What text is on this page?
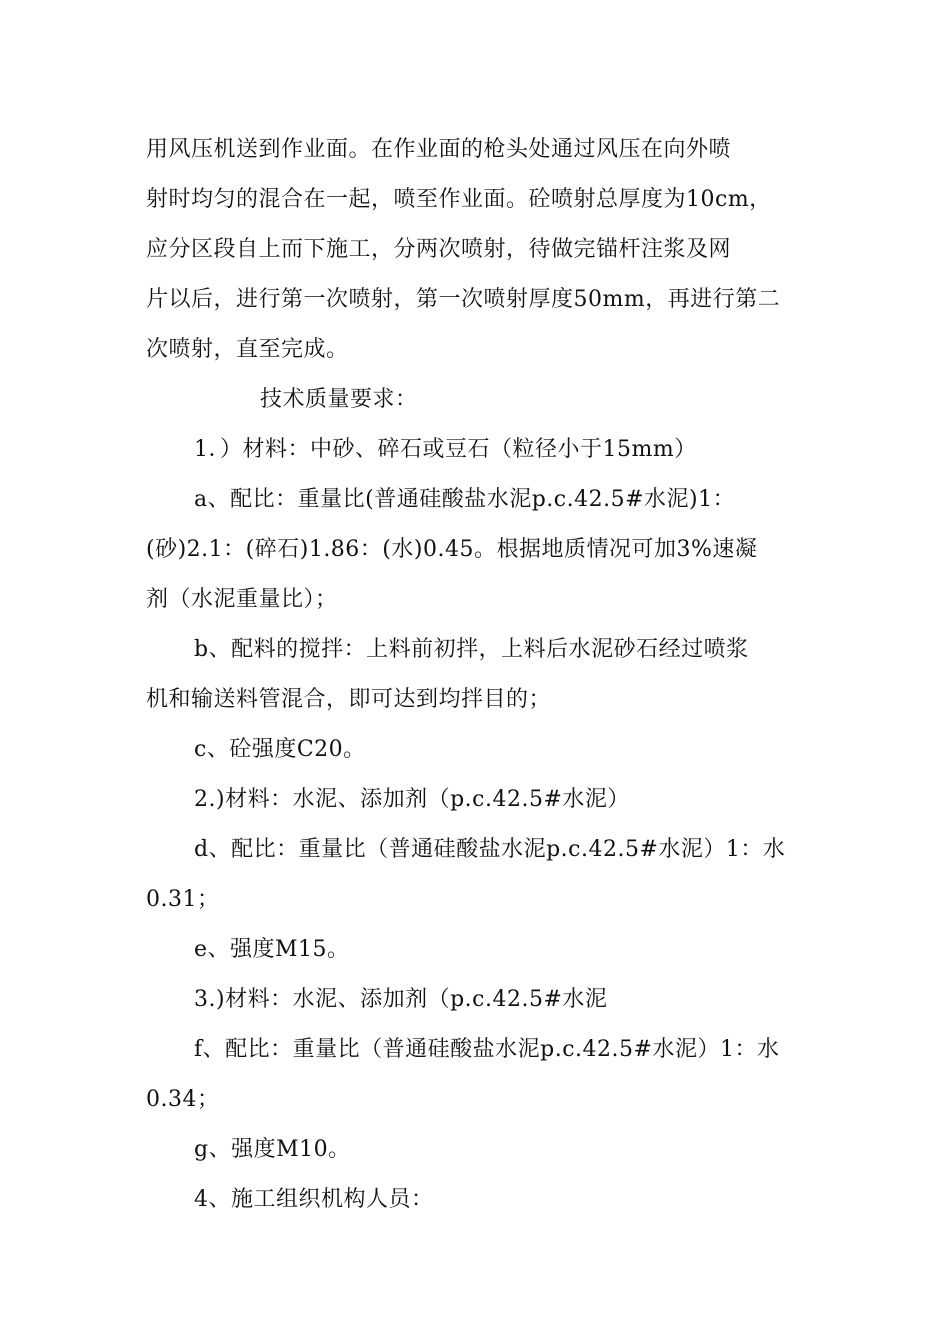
用风压机送到作业面。在作业面的枪头处通过风压在向外喷
射时均匀的混合在一起，喷至作业面。砼喷射总厚度为10cm，
应分区段自上而下施工，分两次喷射，待做完锚杆注浆及网
片以后，进行第一次喷射，第一次喷射厚度50mm，再进行第二
次喷射，直至完成。
技术质量要求：
1．）材料：中砂、碎石或豆石（粒径小于15mm）
a、配比：重量比(普通硅酸盐水泥p.c.42.5#水泥)1：
(砂)2.1：(碎石)1.86：(水)0.45。根据地质情况可加3%速凝
剂（水泥重量比）；
b、配料的搅拌：上料前初拌，上料后水泥砂石经过喷浆
机和输送料管混合，即可达到均拌目的；
c、砼强度C20。
2.)材料：水泥、添加剂（p.c.42.5#水泥）
d、配比：重量比（普通硅酸盐水泥p.c.42.5#水泥）1：水
0.31；
e、强度M15。
3.)材料：水泥、添加剂（p.c.42.5#水泥
f、配比：重量比（普通硅酸盐水泥p.c.42.5#水泥）1：水
0.34；
g、强度M10。
4、施工组织机构人员：
